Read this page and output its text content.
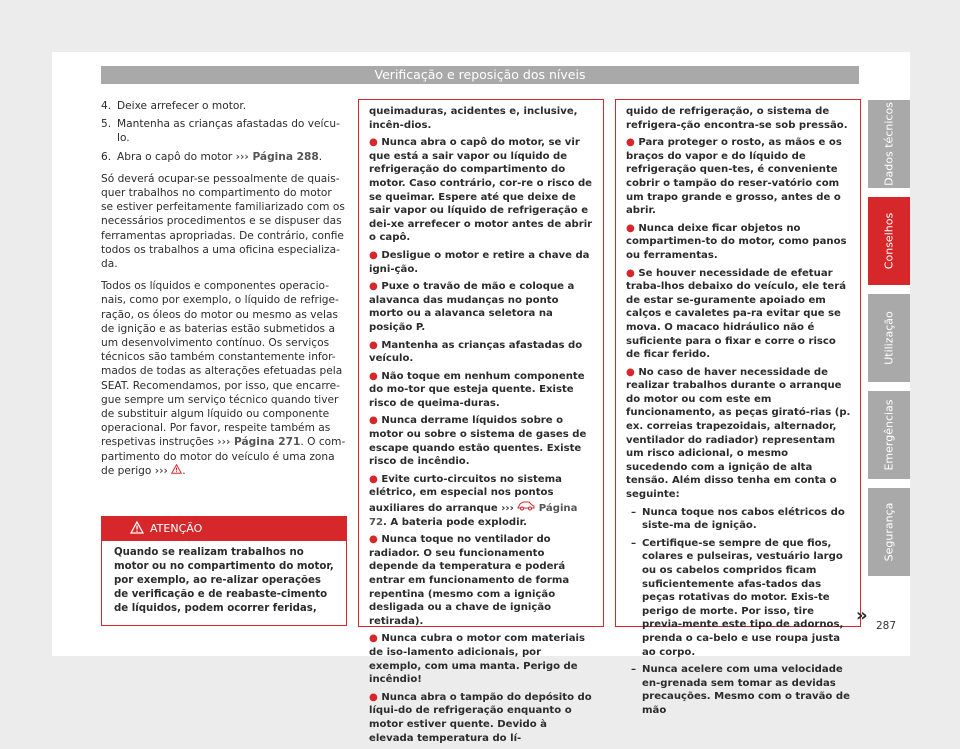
Verificação e reposição dos níveis
4. Deixe arrefecer o motor.
5. Mantenha as crianças afastadas do veícu-lo.
6. Abra o capô do motor ››› Página 288.

Só deverá ocupar-se pessoalmente de quais-quer trabalhos no compartimento do motor se estiver perfeitamente familiarizado com os necessários procedimentos e se dispuser das ferramentas apropriadas. De contrário, confie todos os trabalhos a uma oficina especializa-da.

Todos os líquidos e componentes operacio-nais, como por exemplo, o líquido de refrige-ração, os óleos do motor ou mesmo as velas de ignição e as baterias estão submetidos a um desenvolvimento contínuo. Os serviços técnicos são também constantemente infor-mados de todas as alterações efetuadas pela SEAT. Recomendamos, por isso, que encarre-gue sempre um serviço técnico quando tiver de substituir algum líquido ou componente operacional. Por favor, respeite também as respetivas instruções ››› Página 271. O com-partimento do motor do veículo é uma zona de perigo ››› .

ATENÇÃO
Quando se realizam trabalhos no motor ou no compartimento do motor, por exemplo, ao re-alizar operações de verificação e de reabaste-cimento de líquidos, podem ocorrer feridas,

queimaduras, acidentes e, inclusive, incên-dios.

● Nunca abra o capô do motor, se vir que está a sair vapor ou líquido de refrigeração do compartimento do motor. Caso contrário, cor-re o risco de se queimar. Espere até que deixe de sair vapor ou líquido de refrigeração e dei-xe arrefecer o motor antes de abrir o capô.

● Desligue o motor e retire a chave da igni-ção.

● Puxe o travão de mão e coloque a alavanca das mudanças no ponto morto ou a alavanca seletora na posição P.

● Mantenha as crianças afastadas do veículo.

● Não toque em nenhum componente do mo-tor que esteja quente. Existe risco de queima-duras.

● Nunca derrame líquidos sobre o motor ou sobre o sistema de gases de escape quando estão quentes. Existe risco de incêndio.

● Evite curto-circuitos no sistema elétrico, em especial nos pontos auxiliares do arranque ››› Página 72. A bateria pode explodir.

● Nunca toque no ventilador do radiador. O seu funcionamento depende da temperatura e poderá entrar em funcionamento de forma repentina (mesmo com a ignição desligada ou a chave de ignição retirada).

● Nunca cubra o motor com materiais de iso-lamento adicionais, por exemplo, com uma manta. Perigo de incêndio!

● Nunca abra o tampão do depósito do líqui-do de refrigeração enquanto o motor estiver quente. Devido à elevada temperatura do lí-

quido de refrigeração, o sistema de refrigera-ção encontra-se sob pressão.

● Para proteger o rosto, as mãos e os braços do vapor e do líquido de refrigeração quen-tes, é conveniente cobrir o tampão do reser-vatório com um trapo grande e grosso, antes de o abrir.

● Nunca deixe ficar objetos no compartimen-to do motor, como panos ou ferramentas.

● Se houver necessidade de efetuar traba-lhos debaixo do veículo, ele terá de estar se-guramente apoiado em calços e cavaletes pa-ra evitar que se mova. O macaco hidráulico não é suficiente para o fixar e corre o risco de ficar ferido.

● No caso de haver necessidade de realizar trabalhos durante o arranque do motor ou com este em funcionamento, as peças girató-rias (p. ex. correias trapezoidais, alternador, ventilador do radiador) representam um risco adicional, o mesmo sucedendo com a ignição de alta tensão. Além disso tenha em conta o seguinte:

– Nunca toque nos cabos elétricos do siste-ma de ignição.

– Certifique-se sempre de que fios, colares e pulseiras, vestuário largo ou os cabelos compridos ficam suficientemente afas-tados das peças rotativas do motor. Exis-te perigo de morte. Por isso, tire previa-mente este tipo de adornos, prenda o ca-belo e use roupa justa ao corpo.

– Nunca acelere com uma velocidade en-grenada sem tomar as devidas precauções. Mesmo com o travão de mão

»
Dados técnicos
Conselhos
Utilização
Emergências
Segurança
287
